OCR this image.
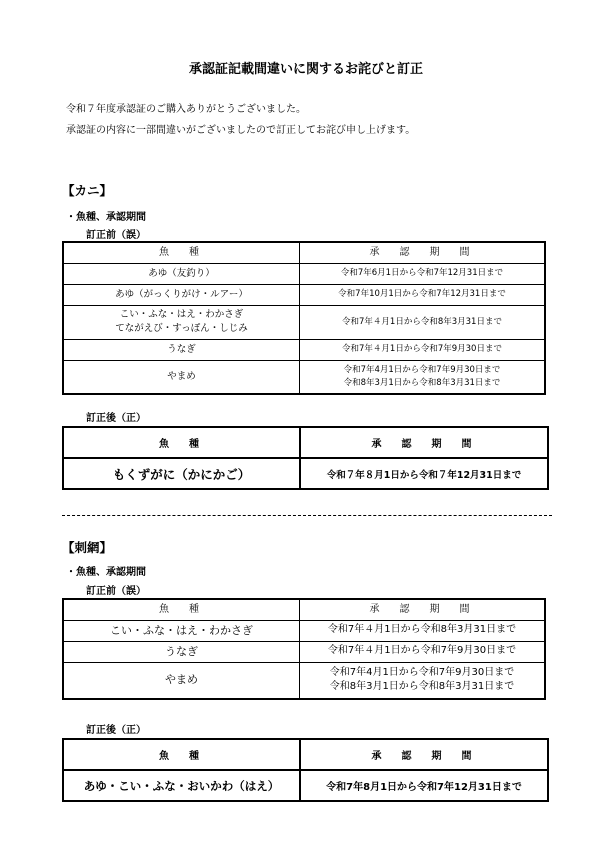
承認証記載間違いに関するお詫びと訂正
令和７年度承認証のご購入ありがとうございました。
承認証の内容に一部間違いがございましたので訂正してお詫び申し上げます。
【カニ】
・魚種、承認期間
訂正前（誤）
魚　種	承　認　期　間
あゆ（友釣り）	令和7年6月1日から令和7年12月31日まで
あゆ（がっくりがけ・ルアー）	令和7年10月1日から令和7年12月31日まで

こい・ふな・はえ・わかさぎ
てながえび・すっぽん・しじみ	令和7年４月1日から令和8年3月31日まで
うなぎ	令和7年４月1日から令和7年9月30日まで
やまめ	令和7年4月1日から令和7年9月30日まで
令和8年3月1日から令和8年3月31日まで
訂正後（正）
魚　種	承　認　期　間
もくずがに（かにかご）	令和７年８月1日から令和７年12月31日まで
【刺網】
・魚種、承認期間
訂正前（誤）
魚　種	承　認　期　間
こい・ふな・はえ・わかさぎ	令和7年４月1日から令和8年3月31日まで
うなぎ	令和7年４月1日から令和7年9月30日まで
やまめ	令和7年4月1日から令和7年9月30日まで
令和8年3月1日から令和8年3月31日まで
訂正後（正）
魚　種	承　認　期　間
あゆ・こい・ふな・おいかわ（はえ）	令和7年8月1日から令和7年12月31日まで
